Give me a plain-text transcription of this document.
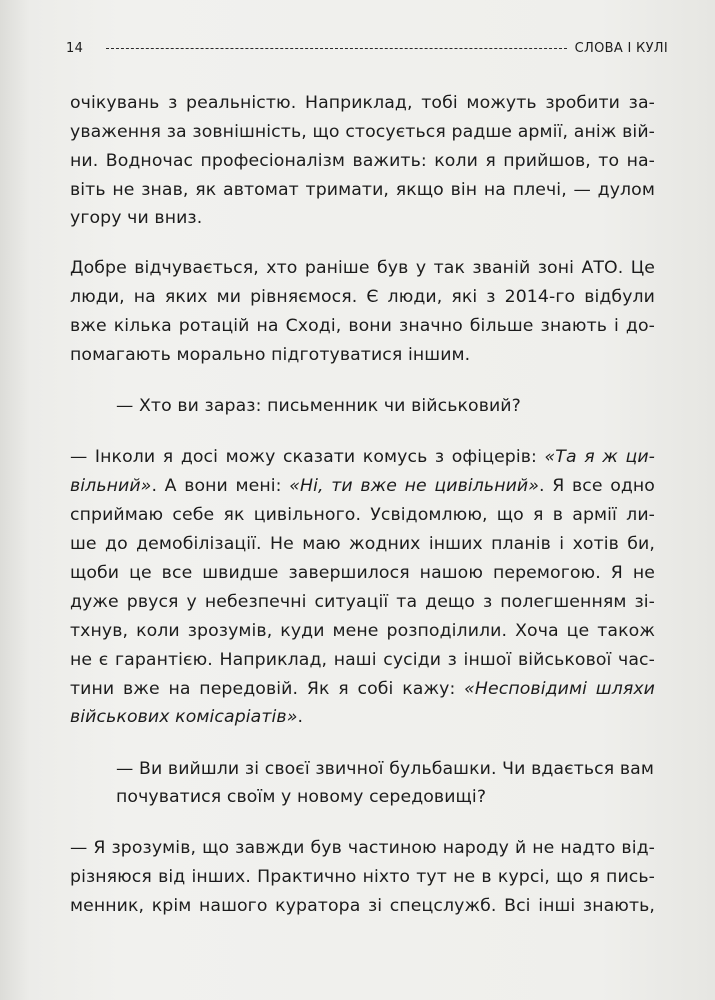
14	СЛОВА І КУЛІ
очікувань з реальністю. Наприклад, тобі можуть зробити за-
уваження за зовнішність, що стосується радше армії, аніж вій-
ни. Водночас професіоналізм важить: коли я прийшов, то на-
віть не знав, як автомат тримати, якщо він на плечі, — дулом
угору чи вниз.
Добре відчувається, хто раніше був у так званій зоні АТО. Це
люди, на яких ми рівняємося. Є люди, які з 2014-го відбули
вже кілька ротацій на Сході, вони значно більше знають і до-
помагають морально підготуватися іншим.
— Хто ви зараз: письменник чи військовий?
— Інколи я досі можу сказати комусь з офіцерів: «Та я ж ци-
вільний». А вони мені: «Ні, ти вже не цивільний». Я все одно
сприймаю себе як цивільного. Усвідомлюю, що я в армії ли-
ше до демобілізації. Не маю жодних інших планів і хотів би,
щоби це все швидше завершилося нашою перемогою. Я не
дуже рвуся у небезпечні ситуації та дещо з полегшенням зі-
тхнув, коли зрозумів, куди мене розподілили. Хоча це також
не є гарантією. Наприклад, наші сусіди з іншої військової час-
тини вже на передовій. Як я собі кажу: «Несповідимі шляхи
військових комісаріатів».
— Ви вийшли зі своєї звичної бульбашки. Чи вдається вам
почуватися своїм у новому середовищі?
— Я зрозумів, що завжди був частиною народу й не надто від-
різняюся від інших. Практично ніхто тут не в курсі, що я пись-
менник, крім нашого куратора зі спецслужб. Всі інші знають,
